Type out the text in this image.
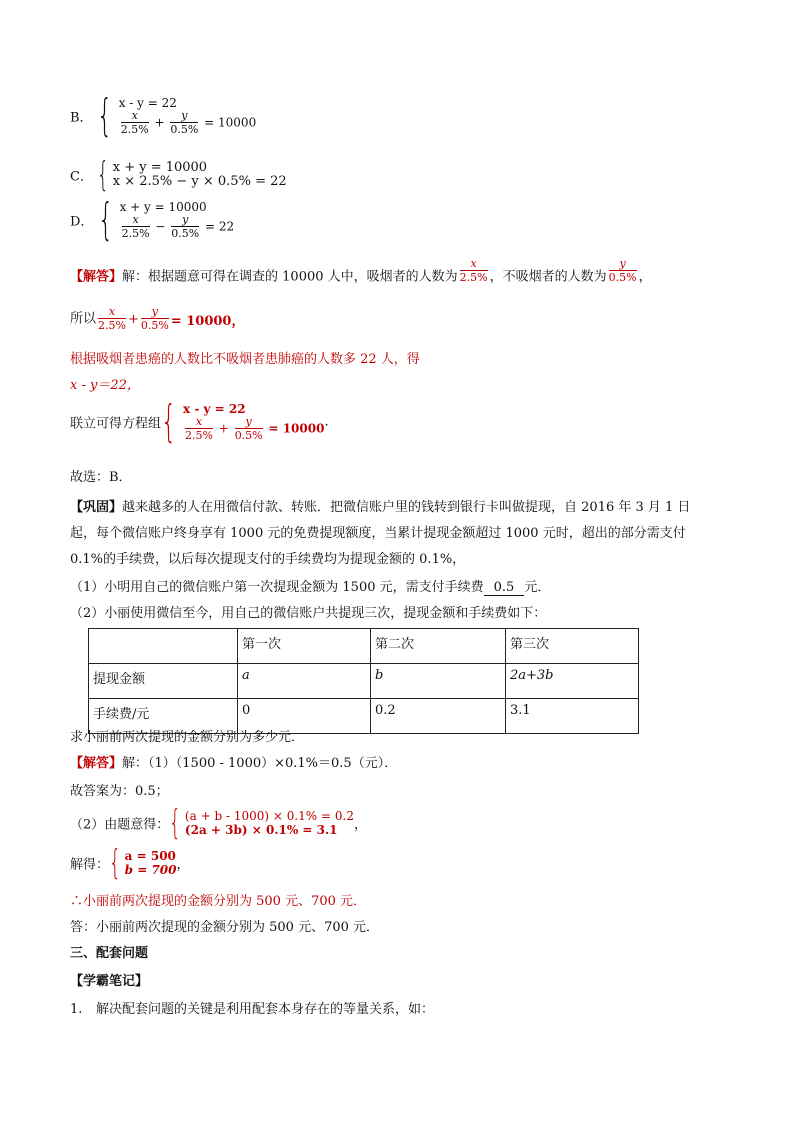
B． { x - y = 22
$\frac{x}{2.5\%} + \frac{y}{0.5\%} = 10000$
C． { x + y = 10000
x × 2.5% − y × 0.5% = 22
D． { x + y = 10000
$\frac{x}{2.5\%} - \frac{y}{0.5\%} = 22$
【解答】解：根据题意可得在调查的 10000 人中，吸烟者的人数为 $\frac{x}{2.5\%}$ ，不吸烟者的人数为 $\frac{y}{0.5\%}$ ，
所以 $\frac{x}{2.5\%} + \frac{y}{0.5\%} = 10000$，
根据吸烟者患癌的人数比不吸烟者患肺癌的人数多 22 人，得
x - y＝22，
联立可得方程组 { x - y = 22
$\frac{x}{2.5\%} + \frac{y}{0.5\%} = 10000$ .
故选：B．
【巩固】越来越多的人在用微信付款、转账．把微信账户里的钱转到银行卡叫做提现，自 2016 年 3 月 1 日
起，每个微信账户终身享有 1000 元的免费提现额度，当累计提现金额超过 1000 元时，超出的部分需支付
0.1%的手续费，以后每次提现支付的手续费均为提现金额的 0.1%，
（1）小明用自己的微信账户第一次提现金额为 1500 元，需支付手续费 0.5 元．
（2）小丽使用微信至今，用自己的微信账户共提现三次，提现金额和手续费如下：
	第一次	第二次	第三次
提现金额	a	b	2a+3b
手续费/元	0	0.2	3.1
求小丽前两次提现的金额分别为多少元．
【解答】解：（1）（1500 - 1000）×0.1%＝0.5（元）．
故答案为：0.5；
（2）由题意得： { (a + b - 1000) × 0.1% = 0.2
(2a + 3b) × 0.1% = 3.1	，
解得： { a = 500
b = 700 ，
∴小丽前两次提现的金额分别为 500 元、700 元．
答：小丽前两次提现的金额分别为 500 元、700 元．
三、配套问题
【学霸笔记】
1. 解决配套问题的关键是利用配套本身存在的等量关系，如：
